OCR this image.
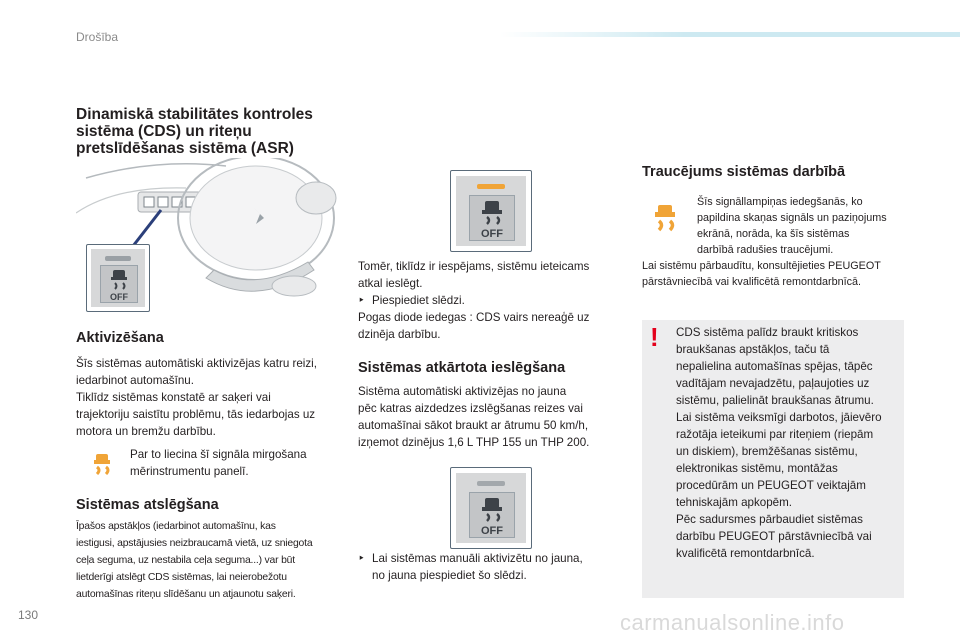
Drošība
Dinamiskā stabilitātes kontroles sistēma (CDS) un riteņu pretslīdēšanas sistēma (ASR)
OFF
Aktivizēšana

Šīs sistēmas automātiski aktivizējas katru reizi,

iedarbinot automašīnu.

Tiklīdz sistēmas konstatē ar saķeri vai

trajektoriju saistītu problēmu, tās iedarbojas uz

motora un bremžu darbību.

Par to liecina šī signāla mirgošana

mērinstrumentu panelī.

Sistēmas atslēgšana

Īpašos apstākļos (iedarbinot automašīnu, kas

iestigusi, apstājusies neizbraucamā vietā, uz sniegota

ceļa seguma, uz nestabila ceļa seguma...) var būt

lietderīgi atslēgt CDS sistēmas, lai neierobežotu

automašīnas riteņu slīdēšanu un atjaunotu saķeri.

OFF

Tomēr, tiklīdz ir iespējams, sistēmu ieteicams

atkal ieslēgt.

‣ Piespiediet slēdzi.

Pogas diode iedegas : CDS vairs nereaģē uz

dzinēja darbību.

Sistēmas atkārtota ieslēgšana

Sistēma automātiski aktivizējas no jauna

pēc katras aizdedzes izslēgšanas reizes vai

automašīnai sākot braukt ar ātrumu 50 km/h,

izņemot dzinējus 1,6 L THP 155 un THP 200.

OFF

‣ Lai sistēmas manuāli aktivizētu no jauna,

no jauna piespiediet šo slēdzi.

Traucējums sistēmas darbībā

Šīs signāllampiņas iedegšanās, ko

papildina skaņas signāls un paziņojums

ekrānā, norāda, ka šīs sistēmas

darbībā radušies traucējumi.

Lai sistēmu pārbaudītu, konsultējieties PEUGEOT

pārstāvniecībā vai kvalificētā remontdarbnīcā.

! CDS sistēma palīdz braukt kritiskos

braukšanas apstākļos, taču tā

nepalielina automašīnas spējas, tāpēc

vadītājam nevajadzētu, paļaujoties uz

sistēmu, palielināt braukšanas ātrumu.

Lai sistēma veiksmīgi darbotos, jāievēro

ražotāja ieteikumi par riteņiem (riepām

un diskiem), bremžēšanas sistēmu,

elektronikas sistēmu, montāžas

procedūrām un PEUGEOT veiktajām

tehniskajām apkopēm.

Pēc sadursmes pārbaudiet sistēmas

darbību PEUGEOT pārstāvniecībā vai

kvalificētā remontdarbnīcā.

130	carmanualsonline.info
